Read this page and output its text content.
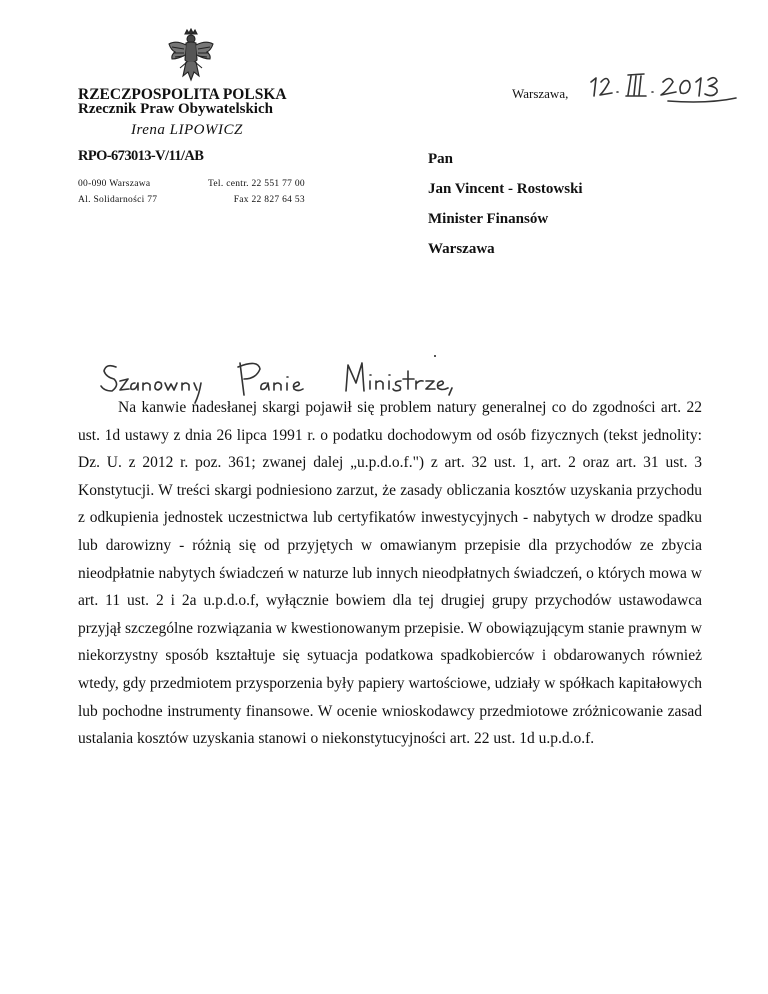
RZECZPOSPOLITA POLSKA
Rzecznik Praw Obywatelskich
Irena LIPOWICZ
RPO-673013-V/11/AB
00-090 Warszawa
Al. Solidarności 77
Tel. centr. 22 551 77 00
Fax 22 827 64 53
Warszawa,
Pan
Jan Vincent - Rostowski
Minister Finansów
Warszawa

Na kanwie nadesłanej skargi pojawił się problem natury generalnej co do zgodności art. 22 ust. 1d ustawy z dnia 26 lipca 1991 r. o podatku dochodowym od osób fizycznych (tekst jednolity: Dz. U. z 2012 r. poz. 361; zwanej dalej „u.p.d.o.f.") z art. 32 ust. 1, art. 2 oraz art. 31 ust. 3 Konstytucji. W treści skargi podniesiono zarzut, że zasady obliczania kosztów uzyskania przychodu z odkupienia jednostek uczestnictwa lub certyfikatów inwestycyjnych - nabytych w drodze spadku lub darowizny - różnią się od przyjętych w omawianym przepisie dla przychodów ze zbycia nieodpłatnie nabytych świadczeń w naturze lub innych nieodpłatnych świadczeń, o których mowa w art. 11 ust. 2 i 2a u.p.d.o.f, wyłącznie bowiem dla tej drugiej grupy przychodów ustawodawca przyjął szczególne rozwiązania w kwestionowanym przepisie. W obowiązującym stanie prawnym w niekorzystny sposób kształtuje się sytuacja podatkowa spadkobierców i obdarowanych również wtedy, gdy przedmiotem przysporzenia były papiery wartościowe, udziały w spółkach kapitałowych lub pochodne instrumenty finansowe. W ocenie wnioskodawcy przedmiotowe zróżnicowanie zasad ustalania kosztów uzyskania stanowi o niekonstytucyjności art. 22 ust. 1d u.p.d.o.f.
